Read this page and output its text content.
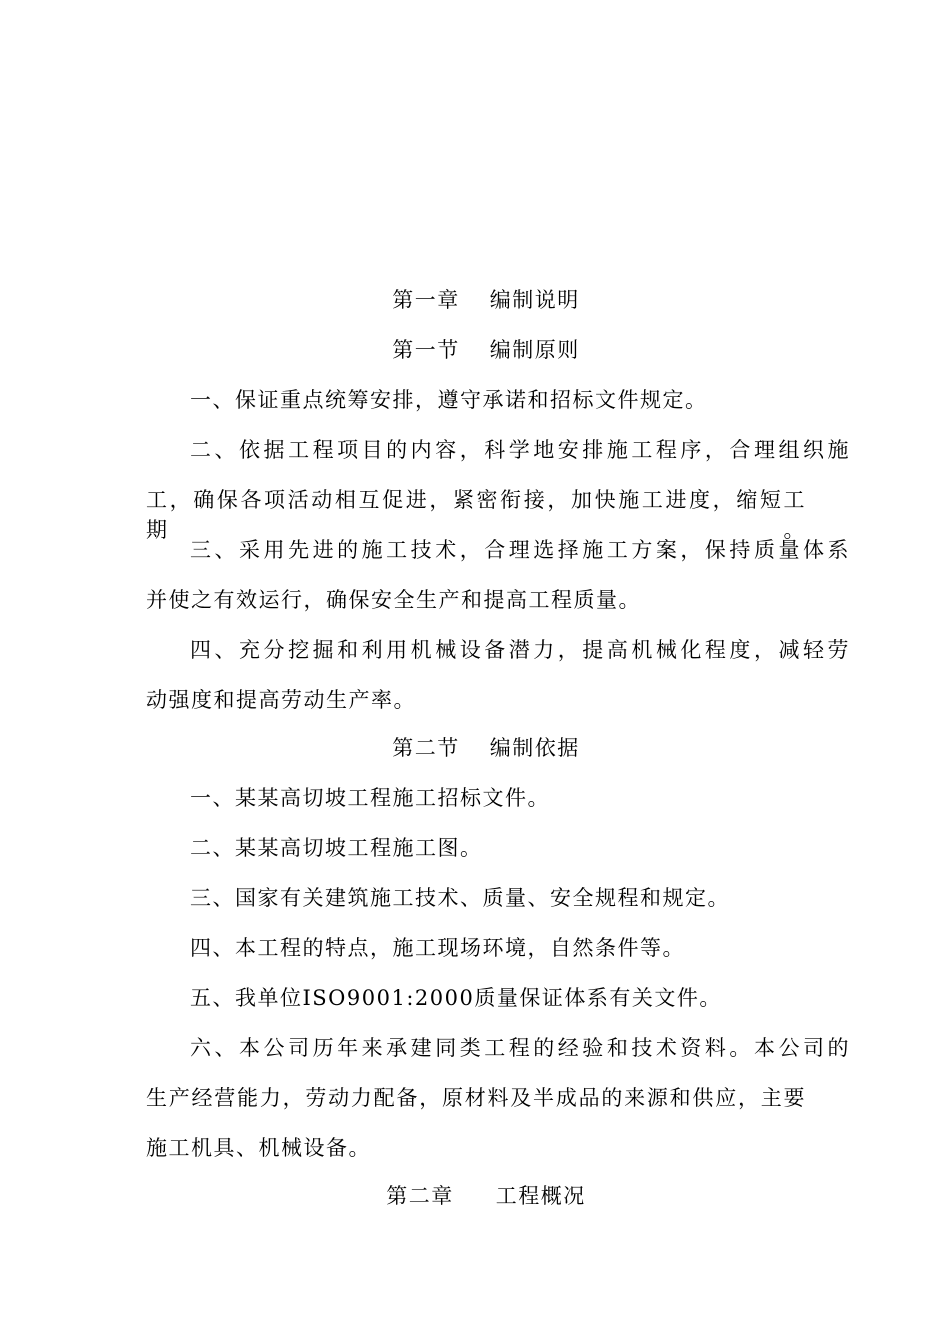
第一章 编制说明
第一节 编制原则
一、保证重点统筹安排，遵守承诺和招标文件规定。
二、依据工程项目的内容，科学地安排施工程序，合理组织施
工，确保各项活动相互促进，紧密衔接，加快施工进度，缩短工期。
三、采用先进的施工技术，合理选择施工方案，保持质量体系
并使之有效运行，确保安全生产和提高工程质量。
四、充分挖掘和利用机械设备潜力，提高机械化程度，减轻劳
动强度和提高劳动生产率。
第二节 编制依据
一、某某高切坡工程施工招标文件。
二、某某高切坡工程施工图。
三、国家有关建筑施工技术、质量、安全规程和规定。
四、本工程的特点，施工现场环境，自然条件等。
五、我单位ISO9001:2000质量保证体系有关文件。
六、本公司历年来承建同类工程的经验和技术资料。本公司的
生产经营能力，劳动力配备，原材料及半成品的来源和供应，主要
施工机具、机械设备。
第二章 工程概况
